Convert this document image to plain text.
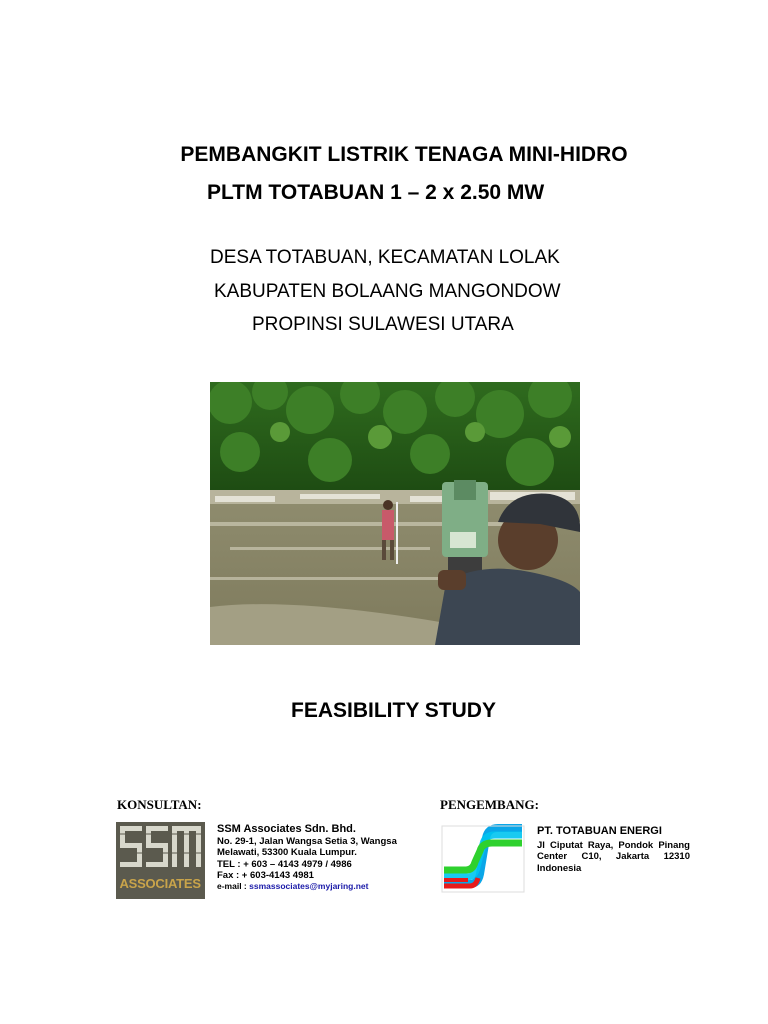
PEMBANGKIT LISTRIK TENAGA MINI-HIDRO
PLTM TOTABUAN 1 – 2 x 2.50 MW
DESA TOTABUAN, KECAMATAN LOLAK
KABUPATEN BOLAANG MANGONDOW
PROPINSI SULAWESI UTARA
FEASIBILITY STUDY
KONSULTAN:	PENGEMBANG:
ASSOCIATES
SSM Associates Sdn. Bhd.
No. 29-1, Jalan Wangsa Setia 3, Wangsa Melawati, 53300 Kuala Lumpur.
TEL : + 603 – 4143 4979 / 4986
Fax : + 603-4143 4981
e-mail : ssmassociates@myjaring.net
PT. TOTABUAN ENERGI
Jl Ciputat Raya, Pondok Pinang Center C10, Jakarta 12310 Indonesia
